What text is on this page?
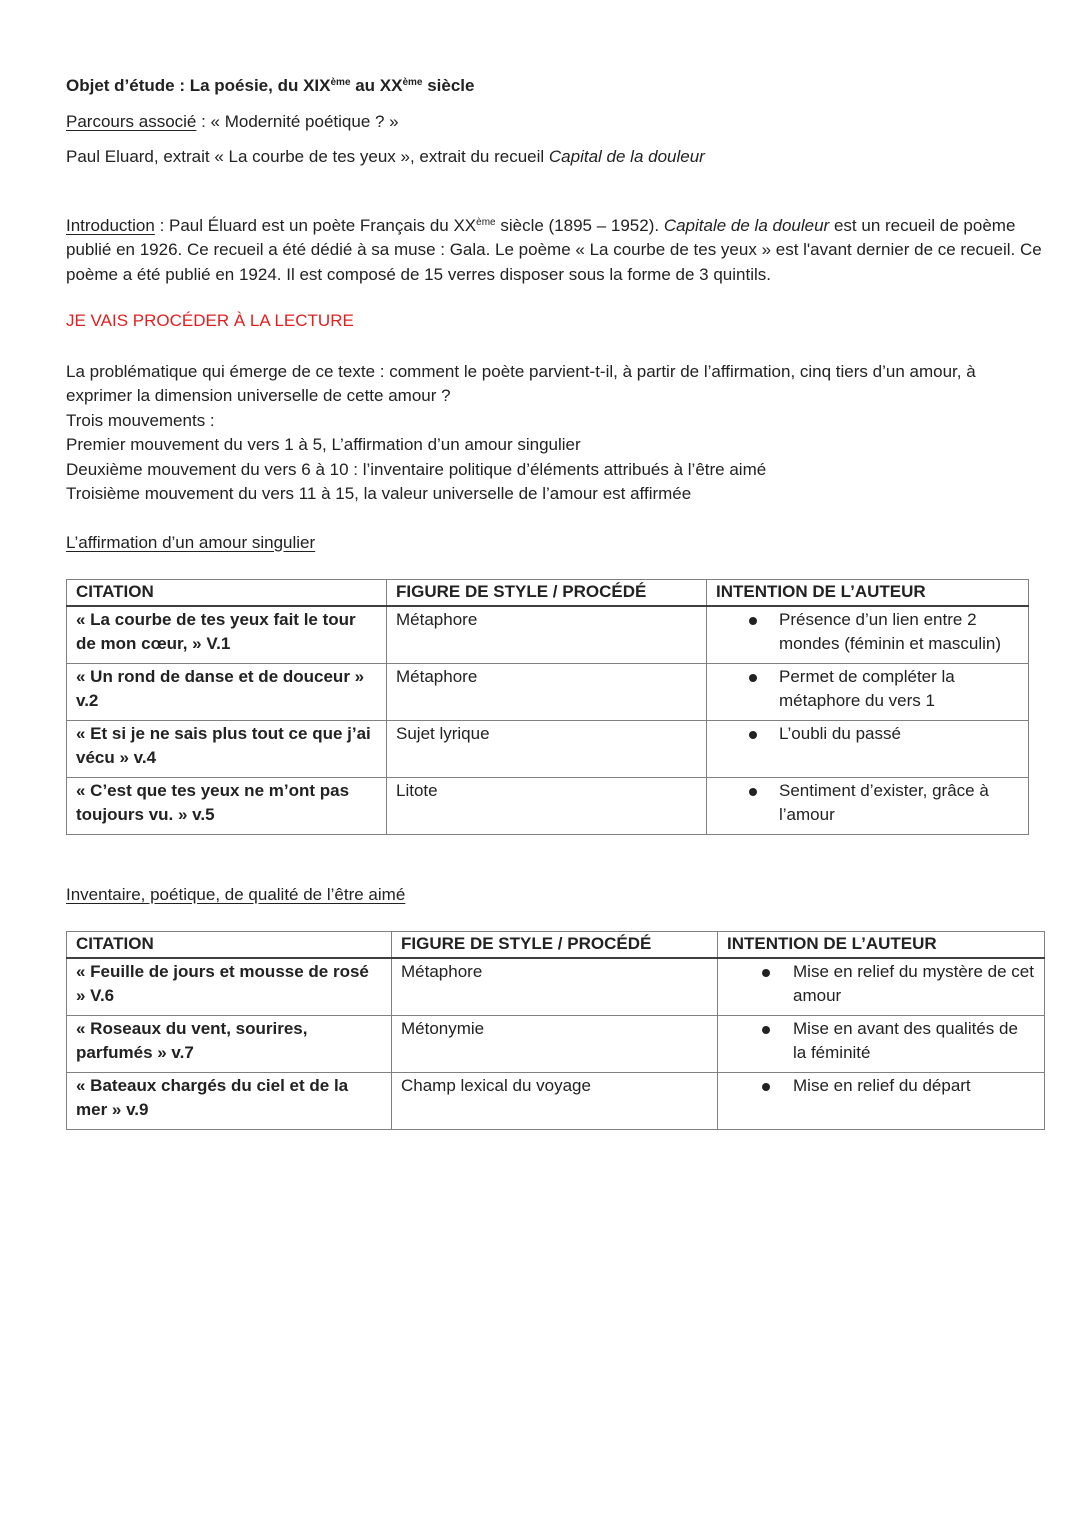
Objet d’étude : La poésie, du XIXème au XXème siècle

Parcours associé : « Modernité poétique ? »

Paul Eluard, extrait « La courbe de tes yeux », extrait du recueil Capital de la douleur

Introduction : Paul Éluard est un poète Français du XXème siècle (1895 – 1952). Capitale de la douleur est un recueil de poème publié en 1926. Ce recueil a été dédié à sa muse : Gala. Le poème « La courbe de tes yeux » est l'avant dernier de ce recueil. Ce poème a été publié en 1924. Il est composé de 15 verres disposer sous la forme de 3 quintils.

JE VAIS PROCÉDER À LA LECTURE

La problématique qui émerge de ce texte : comment le poète parvient-t-il, à partir de l’affirmation, cinq tiers d’un amour, à exprimer la dimension universelle de cette amour ?

Trois mouvements :

Premier mouvement du vers 1 à 5, L’affirmation d’un amour singulier

Deuxième mouvement du vers 6 à 10 : l’inventaire politique d’éléments attribués à l’être aimé

Troisième mouvement du vers 11 à 15, la valeur universelle de l’amour est affirmée

L’affirmation d’un amour singulier

CITATION	FIGURE DE STYLE / PROCÉDÉ	INTENTION DE L’AUTEUR
« La courbe de tes yeux fait le tour de mon cœur, » V.1	Métaphore	Présence d’un lien entre 2 mondes (féminin et masculin)

« Un rond de danse et de douceur » v.2	Métaphore	Permet de compléter la métaphore du vers 1

« Et si je ne sais plus tout ce que j’ai vécu » v.4	Sujet lyrique	L’oubli du passé

« C’est que tes yeux ne m’ont pas toujours vu. » v.5	Litote	Sentiment d’exister, grâce à l’amour

Inventaire, poétique, de qualité de l’être aimé

CITATION	FIGURE DE STYLE / PROCÉDÉ	INTENTION DE L’AUTEUR
« Feuille de jours et mousse de rosé » V.6	Métaphore	Mise en relief du mystère de cet amour

« Roseaux du vent, sourires, parfumés » v.7	Métonymie	Mise en avant des qualités de la féminité

« Bateaux chargés du ciel et de la mer » v.9	Champ lexical du voyage	Mise en relief du départ
